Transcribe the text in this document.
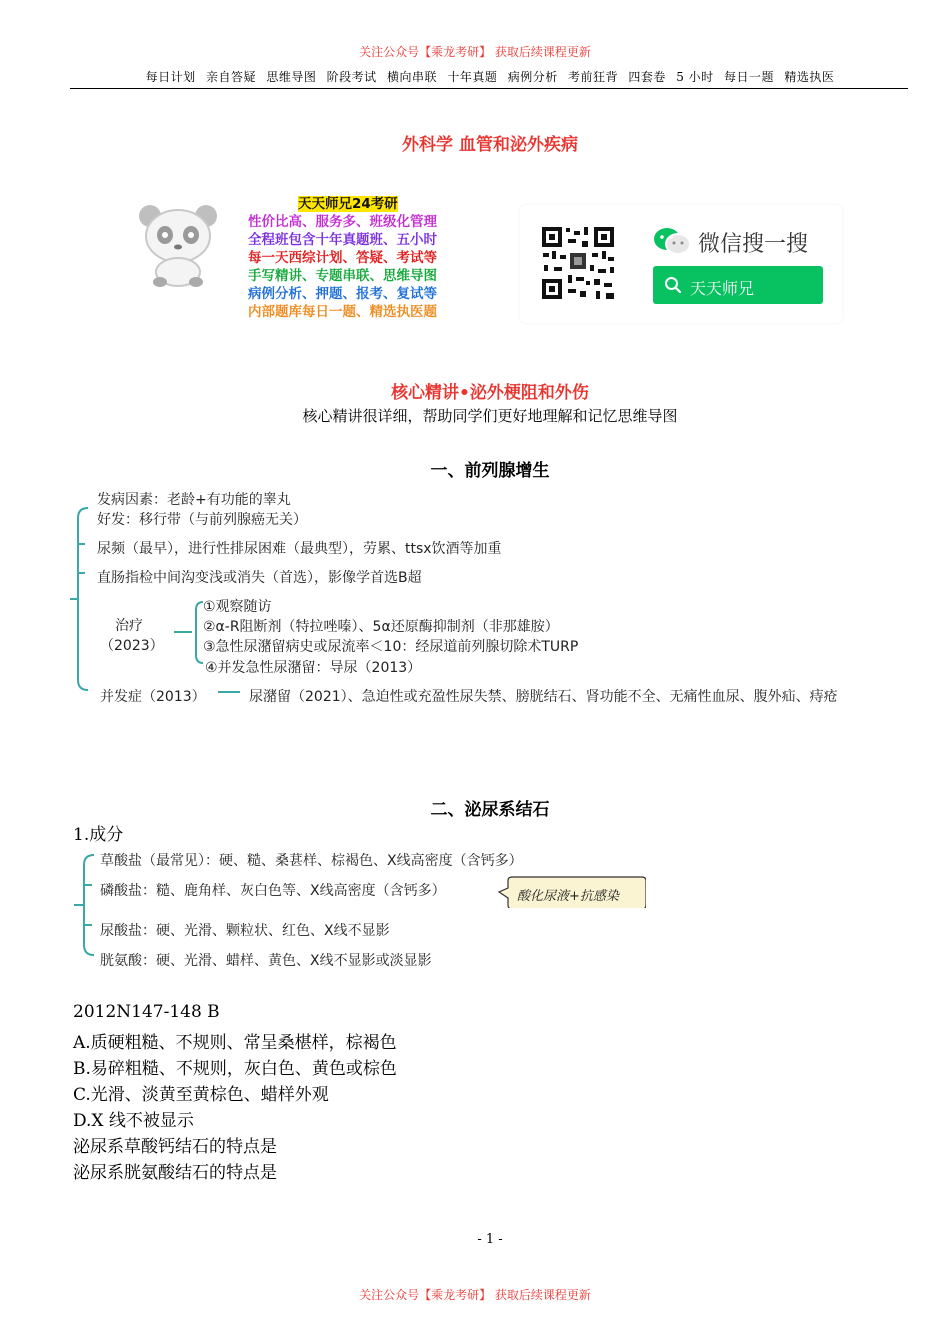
关注公众号【乘龙考研】 获取后续课程更新
每日计划 亲自答疑 思维导图 阶段考试 横向串联 十年真题 病例分析 考前狂背 四套卷 5 小时 每日一题 精选执医
外科学 血管和泌外疾病
天天师兄24考研
性价比高、服务多、班级化管理
全程班包含十年真题班、五小时
每一天西综计划、答疑、考试等
手写精讲、专题串联、思维导图
病例分析、押题、报考、复试等
内部题库每日一题、精选执医题
微信搜一搜
天天师兄
核心精讲•泌外梗阻和外伤
核心精讲很详细，帮助同学们更好地理解和记忆思维导图
一、前列腺增生
发病因素：老龄+有功能的睾丸
好发：移行带（与前列腺癌无关）
尿频（最早），进行性排尿困难（最典型），劳累、ttsx饮酒等加重
直肠指检中间沟变浅或消失（首选），影像学首选B超
治疗
（2023）
①观察随访
②α-R阻断剂（特拉唑嗪）、5α还原酶抑制剂（非那雄胺）
③急性尿潴留病史或尿流率＜10：经尿道前列腺切除术TURP
④并发急性尿潴留：导尿（2013）
并发症（2013）	尿潴留（2021）、急迫性或充盈性尿失禁、膀胱结石、肾功能不全、无痛性血尿、腹外疝、痔疮
二、泌尿系结石
1.成分
草酸盐（最常见）：硬、糙、桑葚样、棕褐色、X线高密度（含钙多）
磷酸盐：糙、鹿角样、灰白色等、X线高密度（含钙多）
尿酸盐：硬、光滑、颗粒状、红色、X线不显影
胱氨酸：硬、光滑、蜡样、黄色、X线不显影或淡显影
酸化尿液+抗感染
2012N147-148 B
A.质硬粗糙、不规则、常呈桑椹样，棕褐色
B.易碎粗糙、不规则，灰白色、黄色或棕色
C.光滑、淡黄至黄棕色、蜡样外观
D.X 线不被显示
泌尿系草酸钙结石的特点是
泌尿系胱氨酸结石的特点是
- 1 -
关注公众号【乘龙考研】 获取后续课程更新
